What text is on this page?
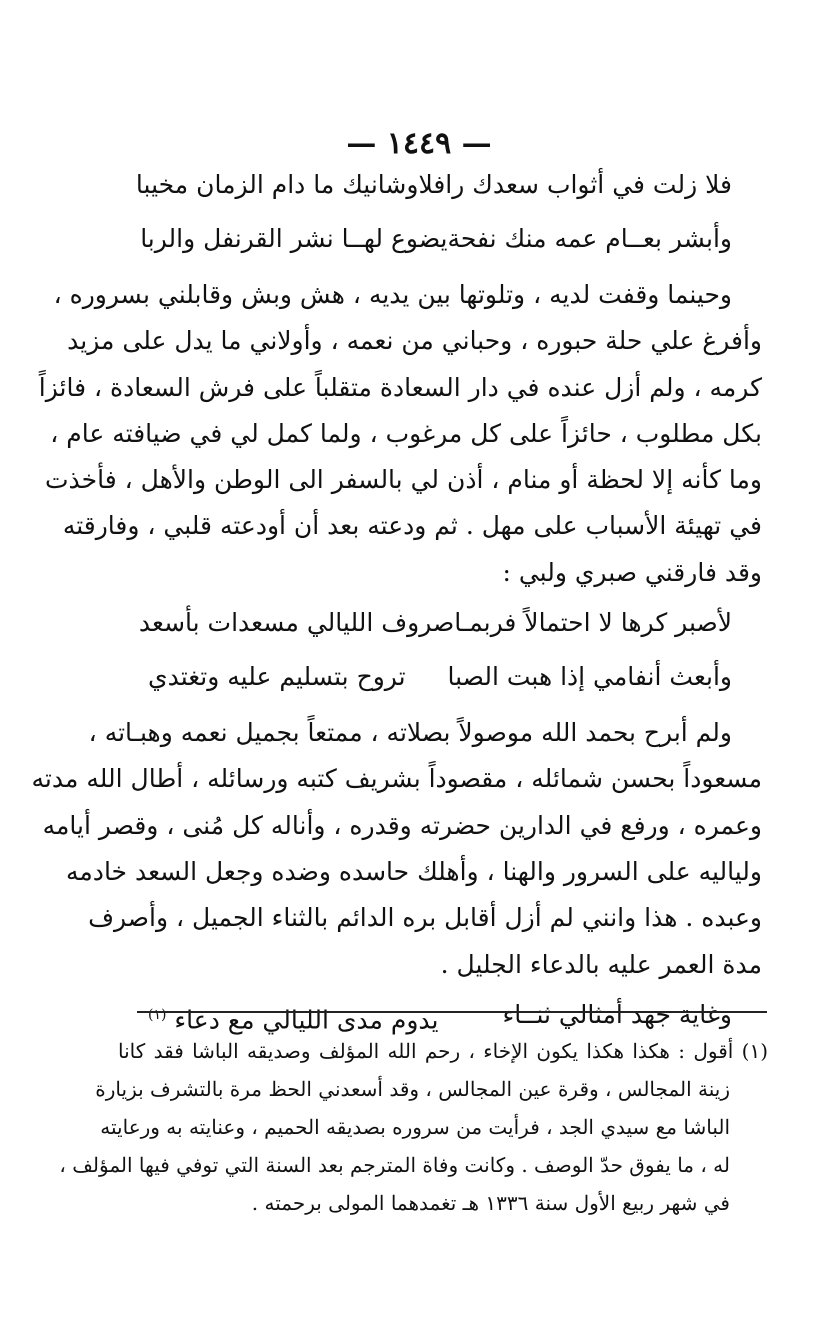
— ١٤٤٩ —
فلا زلت في أثواب سعدك رافلا
وشانيك ما دام الزمان مخيبا
وأبشر بعــام عمه منك نفحة
يضوع لهــا نشر القرنفل والربا
وحينما وقفت لديه ، وتلوتها بين يديه ، هش وبش وقابلني بسروره ،
وأفرغ علي حلة حبوره ، وحباني من نعمه ، وأولاني ما يدل على مزيد
كرمه ، ولم أزل عنده في دار السعادة متقلباً على فرش السعادة ، فائزاً
بكل مطلوب ، حائزاً على كل مرغوب ، ولما كمل لي في ضيافته عام ،
وما كأنه إلا لحظة أو منام ، أذن لي بالسفر الى الوطن والأهل ، فأخذت
في تهيئة الأسباب على مهل . ثم ودعته بعد أن أودعته قلبي ، وفارقته
وقد فارقني صبري ولبي :
لأصبر كرها لا احتمالاً فربمـا
صروف الليالي مسعدات بأسعد
وأبعث أنفامي إذا هبت الصبا
تروح بتسليم عليه وتغتدي
ولم أبرح بحمد الله موصولاً بصلاته ، ممتعاً بجميل نعمه وهبـاته ،
مسعوداً بحسن شمائله ، مقصوداً بشريف كتبه ورسائله ، أطال الله مدته
وعمره ، ورفع في الدارين حضرته وقدره ، وأناله كل مُنى ، وقصر أيامه
ولياليه على السرور والهنا ، وأهلك حاسده وضده وجعل السعد خادمه
وعبده . هذا وانني لم أزل أقابل بره الدائم بالثناء الجميل ، وأصرف
مدة العمر عليه بالدعاء الجليل .
وغاية جهد أمثالي ثنــاء
يدوم مدى الليالي مع دعاء $^{(١)}$
(١) أقول : هكذا هكذا يكون الإخاء ، رحم الله المؤلف وصديقه الباشا فقد كانا
زينة المجالس ، وقرة عين المجالس ، وقد أسعدني الحظ مرة بالتشرف بزيارة
الباشا مع سيدي الجد ، فرأيت من سروره بصديقه الحميم ، وعنايته به ورعايته
له ، ما يفوق حدّ الوصف . وكانت وفاة المترجم بعد السنة التي توفي فيها المؤلف ،
في شهر ربيع الأول سنة ١٣٣٦ هـ تغمدهما المولى برحمته .
